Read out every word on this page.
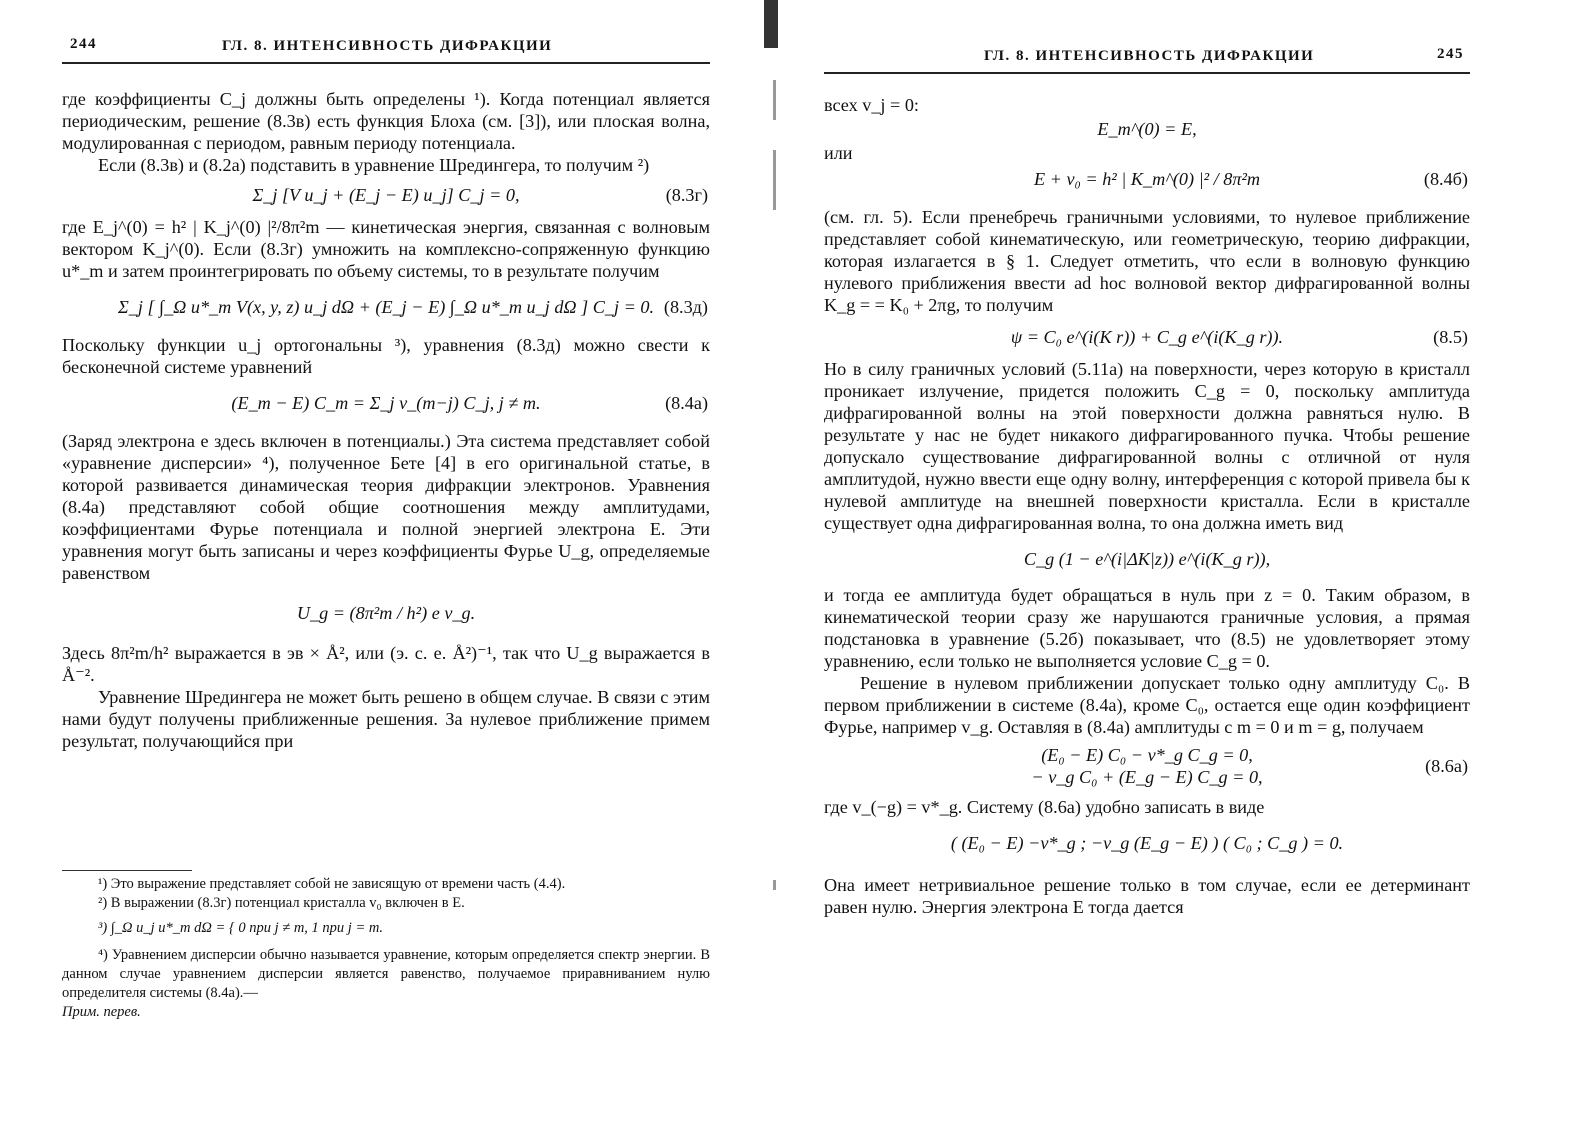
244	ГЛ. 8. ИНТЕНСИВНОСТЬ ДИФРАКЦИИ

где коэффициенты C_j должны быть определены ¹). Когда потенциал является периодическим, решение (8.3в) есть функция Блоха (см. [3]), или плоская волна, модулированная с периодом, равным периоду потенциала.

Если (8.3в) и (8.2а) подставить в уравнение Шредингера, то получим ²)

Σ_j [V u_j + (E_j − E) u_j] C_j = 0,	(8.3г)

где E_j^(0) = h² | K_j^(0) |²/8π²m — кинетическая энергия, связанная с волновым вектором K_j^(0). Если (8.3г) умножить на комплексно-сопряженную функцию u*_m и затем проинтегрировать по объему системы, то в результате получим

Σ_j [ ∫_Ω u*_m V(x, y, z) u_j dΩ + (E_j − E) ∫_Ω u*_m u_j dΩ ] C_j = 0. (8.3д)

Поскольку функции u_j ортогональны ³), уравнения (8.3д) можно свести к бесконечной системе уравнений

(E_m − E) C_m = Σ_j v_(m−j) C_j, j ≠ m.	(8.4а)

(Заряд электрона e здесь включен в потенциалы.) Эта система представляет собой «уравнение дисперсии» ⁴), полученное Бете [4] в его оригинальной статье, в которой развивается динамическая теория дифракции электронов. Уравнения (8.4а) представляют собой общие соотношения между амплитудами, коэффициентами Фурье потенциала и полной энергией электрона E. Эти уравнения могут быть записаны и через коэффициенты Фурье U_g, определяемые равенством

U_g = (8π²m / h²) e v_g.

Здесь 8π²m/h² выражается в эв × Å², или (э. с. е. Å²)⁻¹, так что U_g выражается в Å⁻².

Уравнение Шредингера не может быть решено в общем случае. В связи с этим нами будут получены приближенные решения. За нулевое приближение примем результат, получающийся при

¹) Это выражение представляет собой не зависящую от времени часть (4.4).

²) В выражении (8.3г) потенциал кристалла v₀ включен в E.

³) ∫_Ω u_j u*_m dΩ = { 0 при j ≠ m, 1 при j = m.

⁴) Уравнением дисперсии обычно называется уравнение, которым определяется спектр энергии. В данном случае уравнением дисперсии является равенство, получаемое приравниванием нулю определителя системы (8.4а).—

Прим. перев.

ГЛ. 8. ИНТЕНСИВНОСТЬ ДИФРАКЦИИ	245

всех v_j = 0:

E_m^(0) = E,

или

E + v₀ = h² | K_m^(0) |² / 8π²m	(8.4б)

(см. гл. 5). Если пренебречь граничными условиями, то нулевое приближение представляет собой кинематическую, или геометрическую, теорию дифракции, которая излагается в § 1. Следует отметить, что если в волновую функцию нулевого приближения ввести ad hoc волновой вектор дифрагированной волны K_g = = K₀ + 2πg, то получим

ψ = C₀ e^(i(K r)) + C_g e^(i(K_g r)).	(8.5)

Но в силу граничных условий (5.11а) на поверхности, через которую в кристалл проникает излучение, придется положить C_g = 0, поскольку амплитуда дифрагированной волны на этой поверхности должна равняться нулю. В результате у нас не будет никакого дифрагированного пучка. Чтобы решение допускало существование дифрагированной волны с отличной от нуля амплитудой, нужно ввести еще одну волну, интерференция с которой привела бы к нулевой амплитуде на внешней поверхности кристалла. Если в кристалле существует одна дифрагированная волна, то она должна иметь вид

C_g (1 − e^(i|ΔK|z)) e^(i(K_g r)),

и тогда ее амплитуда будет обращаться в нуль при z = 0. Таким образом, в кинематической теории сразу же нарушаются граничные условия, а прямая подстановка в уравнение (5.2б) показывает, что (8.5) не удовлетворяет этому уравнению, если только не выполняется условие C_g = 0.

Решение в нулевом приближении допускает только одну амплитуду C₀. В первом приближении в системе (8.4а), кроме C₀, остается еще один коэффициент Фурье, например v_g. Оставляя в (8.4а) амплитуды с m = 0 и m = g, получаем

(E₀ − E) C₀ − v*_g C_g = 0,
− v_g C₀ + (E_g − E) C_g = 0,
(8.6а)

где v_(−g) = v*_g. Систему (8.6а) удобно записать в виде

( (E₀ − E) −v*_g ; −v_g (E_g − E) ) ( C₀ ; C_g ) = 0.

Она имеет нетривиальное решение только в том случае, если ее детерминант равен нулю. Энергия электрона E тогда дается
